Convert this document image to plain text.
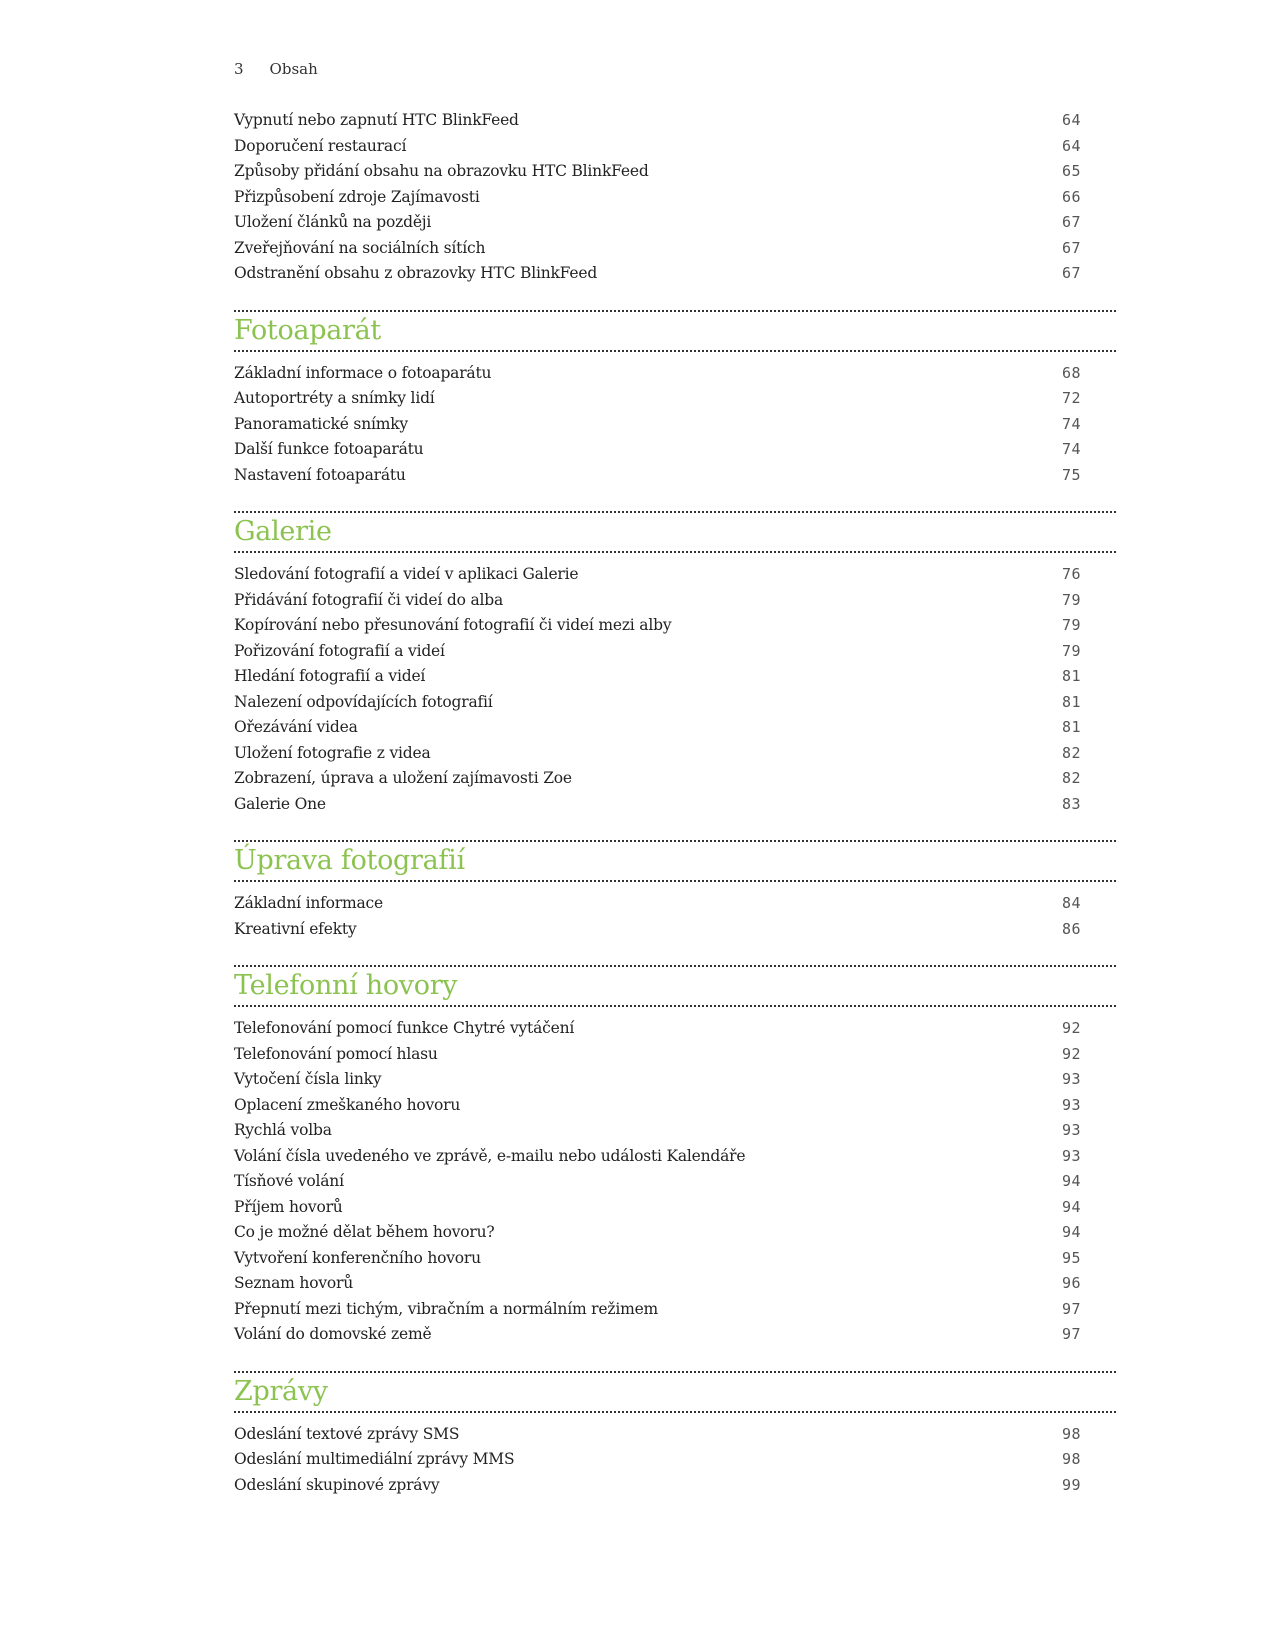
3 Obsah
Vypnutí nebo zapnutí HTC BlinkFeed	64
Doporučení restaurací	64
Způsoby přidání obsahu na obrazovku HTC BlinkFeed	65
Přizpůsobení zdroje Zajímavosti	66
Uložení článků na později	67
Zveřejňování na sociálních sítích	67
Odstranění obsahu z obrazovky HTC BlinkFeed	67
Fotoaparát
Základní informace o fotoaparátu	68
Autoportréty a snímky lidí	72
Panoramatické snímky	74
Další funkce fotoaparátu	74
Nastavení fotoaparátu	75
Galerie
Sledování fotografií a videí v aplikaci Galerie	76
Přidávání fotografií či videí do alba	79
Kopírování nebo přesunování fotografií či videí mezi alby	79
Pořizování fotografií a videí	79
Hledání fotografií a videí	81
Nalezení odpovídajících fotografií	81
Ořezávání videa	81
Uložení fotografie z videa	82
Zobrazení, úprava a uložení zajímavosti Zoe	82
Galerie One	83
Úprava fotografií
Základní informace	84
Kreativní efekty	86
Telefonní hovory
Telefonování pomocí funkce Chytré vytáčení	92
Telefonování pomocí hlasu	92
Vytočení čísla linky	93
Oplacení zmeškaného hovoru	93
Rychlá volba	93
Volání čísla uvedeného ve zprávě, e-mailu nebo události Kalendáře	93
Tísňové volání	94
Příjem hovorů	94
Co je možné dělat během hovoru?	94
Vytvoření konferenčního hovoru	95
Seznam hovorů	96
Přepnutí mezi tichým, vibračním a normálním režimem	97
Volání do domovské země	97
Zprávy
Odeslání textové zprávy SMS	98
Odeslání multimediální zprávy MMS	98
Odeslání skupinové zprávy	99
